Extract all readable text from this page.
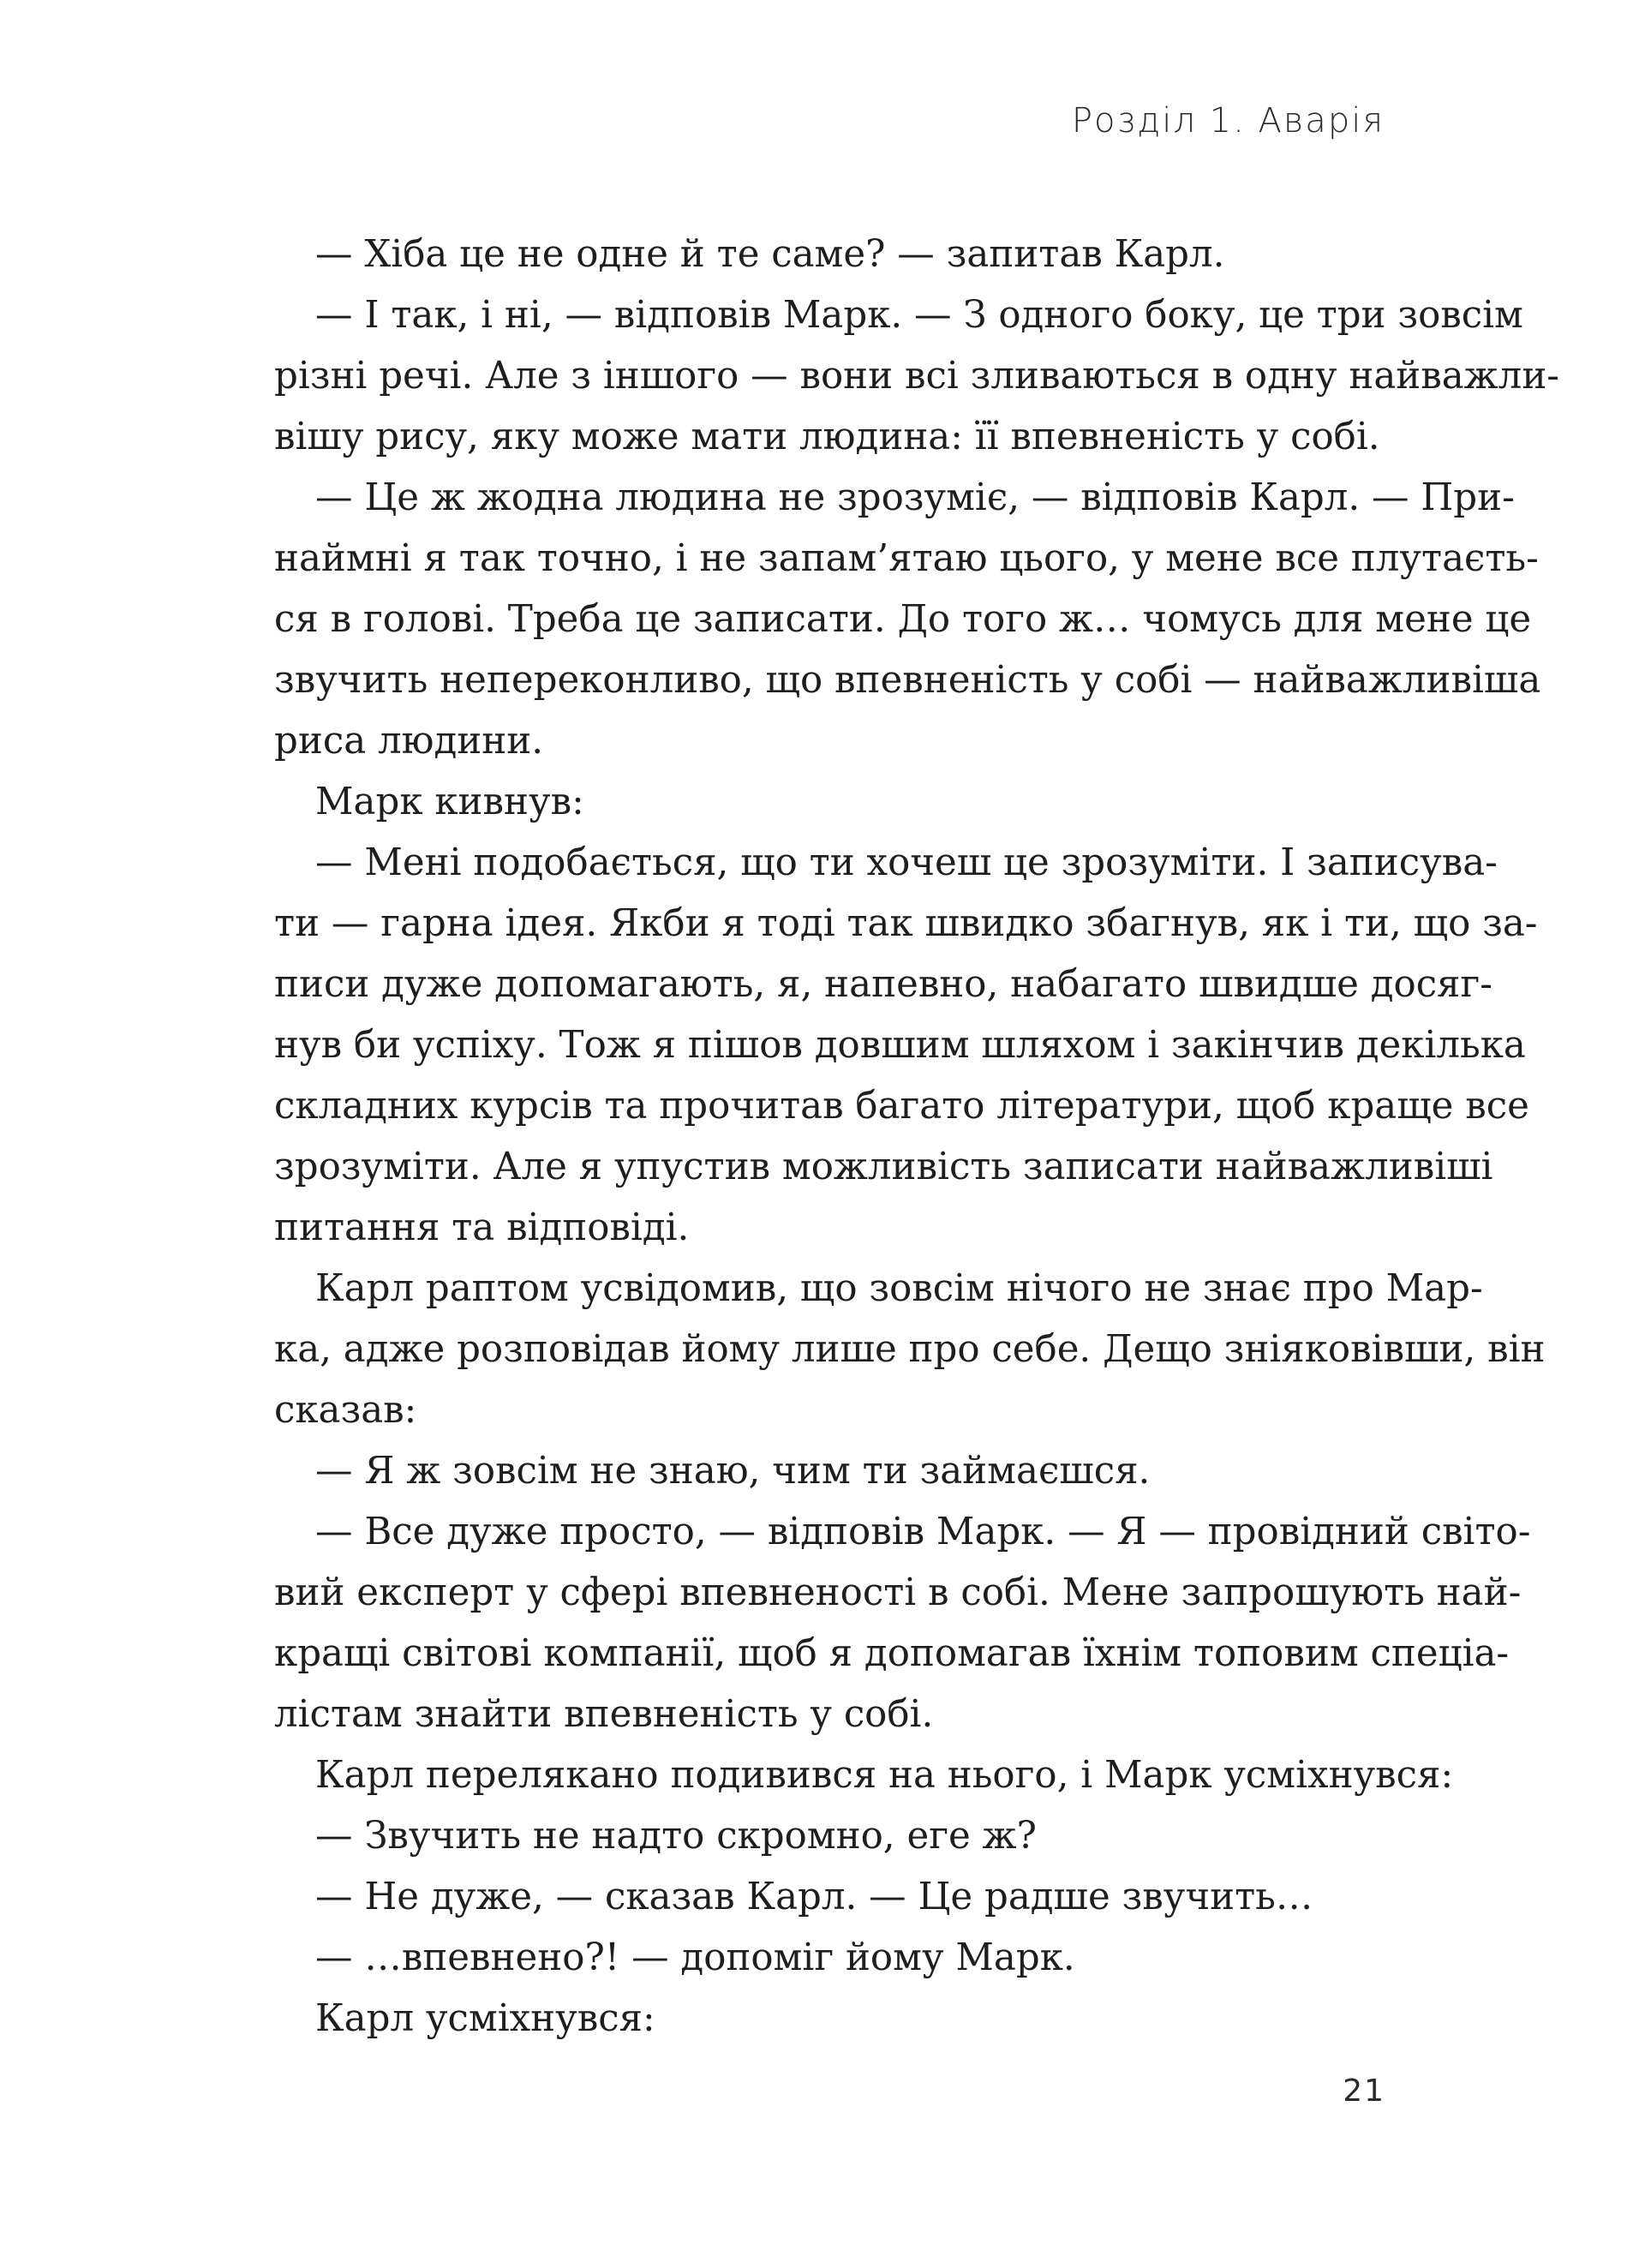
Розділ 1. Аварія
— Хіба це не одне й те саме? — запитав Карл.
— І так, і ні, — відповів Марк. — З одного боку, це три зовсім
різні речі. Але з іншого — вони всі зливаються в одну найважли-
вішу рису, яку може мати людина: її впевненість у собі.
— Це ж жодна людина не зрозуміє, — відповів Карл. — При-
наймні я так точно, і не запам’ятаю цього, у мене все плутаєть-
ся в голові. Треба це записати. До того ж… чомусь для мене це
звучить непереконливо, що впевненість у собі — найважливіша
риса людини.
Марк кивнув:
— Мені подобається, що ти хочеш це зрозуміти. І записува-
ти — гарна ідея. Якби я тоді так швидко збагнув, як і ти, що за-
писи дуже допомагають, я, напевно, набагато швидше досяг-
нув би успіху. Тож я пішов довшим шляхом і закінчив декілька
складних курсів та прочитав багато літератури, щоб краще все
зрозуміти. Але я упустив можливість записати найважливіші
питання та відповіді.
Карл раптом усвідомив, що зовсім нічого не знає про Мар-
ка, адже розповідав йому лише про себе. Дещо зніяковівши, він
сказав:
— Я ж зовсім не знаю, чим ти займаєшся.
— Все дуже просто, — відповів Марк. — Я — провідний світо-
вий експерт у сфері впевненості в собі. Мене запрошують най-
кращі світові компанії, щоб я допомагав їхнім топовим спеціа-
лістам знайти впевненість у собі.
Карл перелякано подивився на нього, і Марк усміхнувся:
— Звучить не надто скромно, еге ж?
— Не дуже, — сказав Карл. — Це радше звучить…
— …впевнено?! — допоміг йому Марк.
Карл усміхнувся:
21
